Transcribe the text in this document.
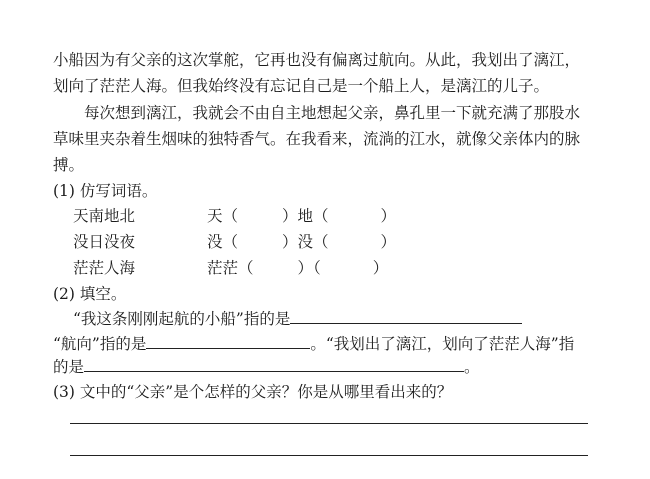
小船因为有父亲的这次掌舵，它再也没有偏离过航向。从此，我划出了漓江，
划向了茫茫人海。但我始终没有忘记自己是一个船上人，是漓江的儿子。
每次想到漓江，我就会不由自主地想起父亲，鼻孔里一下就充满了那股水
草味里夹杂着生烟味的独特香气。在我看来，流淌的江水，就像父亲体内的脉
搏。
(1) 仿写词语。
天南地北	天（	）地（	）
没日没夜	没（	）没（	）
茫茫人海	茫茫（	）（	）
(2) 填空。
“我这条刚刚起航的小船”指的是
“航向”指的是	。“我划出了漓江，划向了茫茫人海”指
的是	。
(3) 文中的“父亲”是个怎样的父亲？你是从哪里看出来的？
